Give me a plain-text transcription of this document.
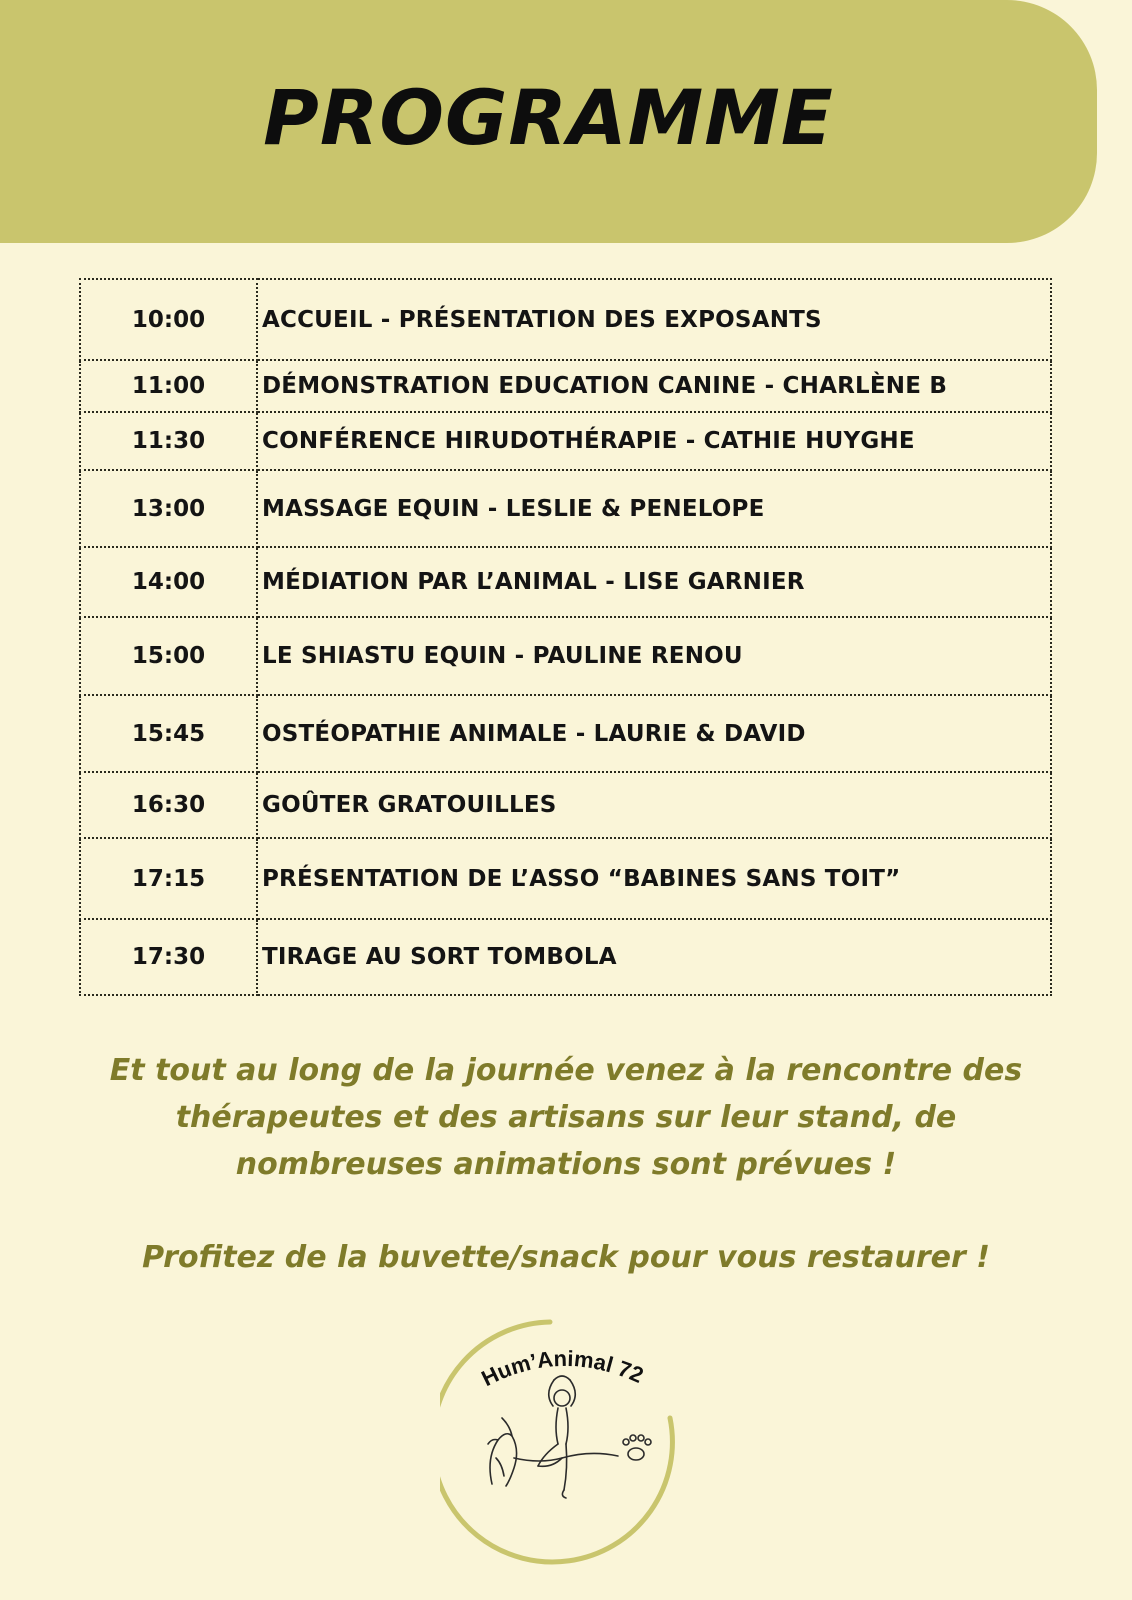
PROGRAMME
10:00	ACCUEIL - PRÉSENTATION DES EXPOSANTS
11:00	DÉMONSTRATION EDUCATION CANINE - CHARLÈNE B
11:30	CONFÉRENCE HIRUDOTHÉRAPIE - CATHIE HUYGHE
13:00	MASSAGE EQUIN - LESLIE & PENELOPE
14:00	MÉDIATION PAR L’ANIMAL - LISE GARNIER
15:00	LE SHIASTU EQUIN - PAULINE RENOU
15:45	OSTÉOPATHIE ANIMALE - LAURIE & DAVID
16:30	GOÛTER GRATOUILLES
17:15	PRÉSENTATION DE L’ASSO “BABINES SANS TOIT”
17:30	TIRAGE AU SORT TOMBOLA

Et tout au long de la journée venez à la rencontre des

thérapeutes et des artisans sur leur stand, de

nombreuses animations sont prévues !

Profitez de la buvette/snack pour vous restaurer !

Hum’Animal 72
